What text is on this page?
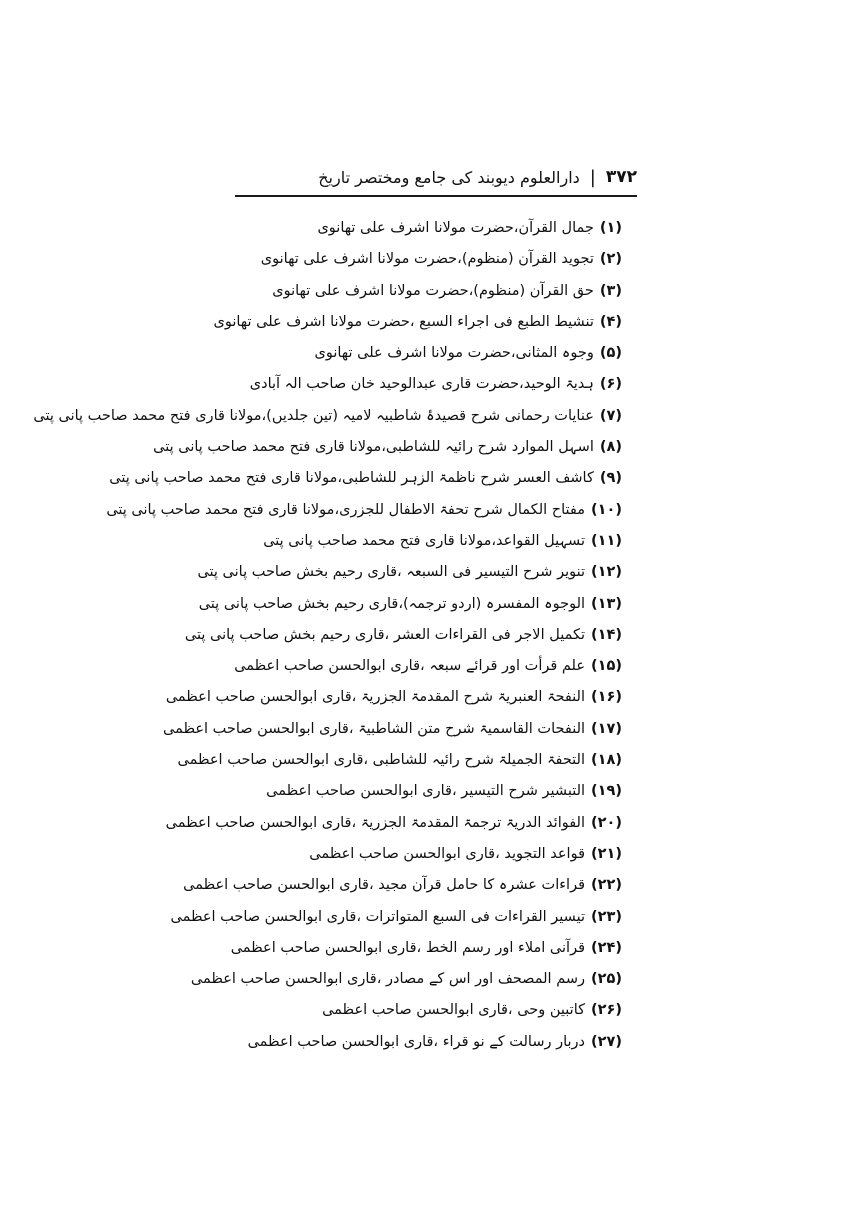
۳۷۲
|
دارالعلوم دیوبند کی جامع ومختصر تاریخ
(۱)جمال القرآن،حضرت مولانا اشرف علی تھانوی
(۲)تجوید القرآن (منظوم)،حضرت مولانا اشرف علی تھانوی
(۳)حق القرآن (منظوم)،حضرت مولانا اشرف علی تھانوی
(۴)تنشیط الطبع فی اجراء السبع ،حضرت مولانا اشرف علی تھانوی
(۵)وجوہ المثانی،حضرت مولانا اشرف علی تھانوی
(۶)ہدیۃ الوحید،حضرت قاری عبدالوحید خان صاحب الہ آبادی
(۷)عنایات رحمانی شرح قصیدۂ شاطبیہ لامیہ (تین جلدیں)،مولانا قاری فتح محمد صاحب پانی پتی
(۸)اسہل الموارد شرح رائیہ للشاطبی،مولانا قاری فتح محمد صاحب پانی پتی
(۹)کاشف العسر شرح ناظمۃ الزہر للشاطبی،مولانا قاری فتح محمد صاحب پانی پتی
(۱۰)مفتاح الکمال شرح تحفۃ الاطفال للجزری،مولانا قاری فتح محمد صاحب پانی پتی
(۱۱)تسہیل القواعد،مولانا قاری فتح محمد صاحب پانی پتی
(۱۲)تنویر شرح التیسیر فی السبعہ ،قاری رحیم بخش صاحب پانی پتی
(۱۳)الوجوہ المفسرہ (اردو ترجمہ)،قاری رحیم بخش صاحب پانی پتی
(۱۴)تکمیل الاجر فی القراءات العشر ،قاری رحیم بخش صاحب پانی پتی
(۱۵)علم قرأت اور قرائے سبعہ ،قاری ابوالحسن صاحب اعظمی
(۱۶)النفحۃ العنبریۃ شرح المقدمۃ الجزریۃ ،قاری ابوالحسن صاحب اعظمی
(۱۷)النفحات القاسمیۃ شرح متن الشاطبیۃ ،قاری ابوالحسن صاحب اعظمی
(۱۸)التحفۃ الجمیلۃ شرح رائیہ للشاطبی ،قاری ابوالحسن صاحب اعظمی
(۱۹)التبشیر شرح التیسیر ،قاری ابوالحسن صاحب اعظمی
(۲۰)الفوائد الدریۃ ترجمۃ المقدمۃ الجزریۃ ،قاری ابوالحسن صاحب اعظمی
(۲۱)قواعد التجوید ،قاری ابوالحسن صاحب اعظمی
(۲۲)قراءات عشرہ کا حامل قرآن مجید ،قاری ابوالحسن صاحب اعظمی
(۲۳)تیسیر القراءات فی السبع المتواترات ،قاری ابوالحسن صاحب اعظمی
(۲۴)قرآنی املاء اور رسم الخط ،قاری ابوالحسن صاحب اعظمی
(۲۵)رسم المصحف اور اس کے مصادر ،قاری ابوالحسن صاحب اعظمی
(۲۶)کاتبین وحی ،قاری ابوالحسن صاحب اعظمی
(۲۷)دربار رسالت کے نو قراء ،قاری ابوالحسن صاحب اعظمی
